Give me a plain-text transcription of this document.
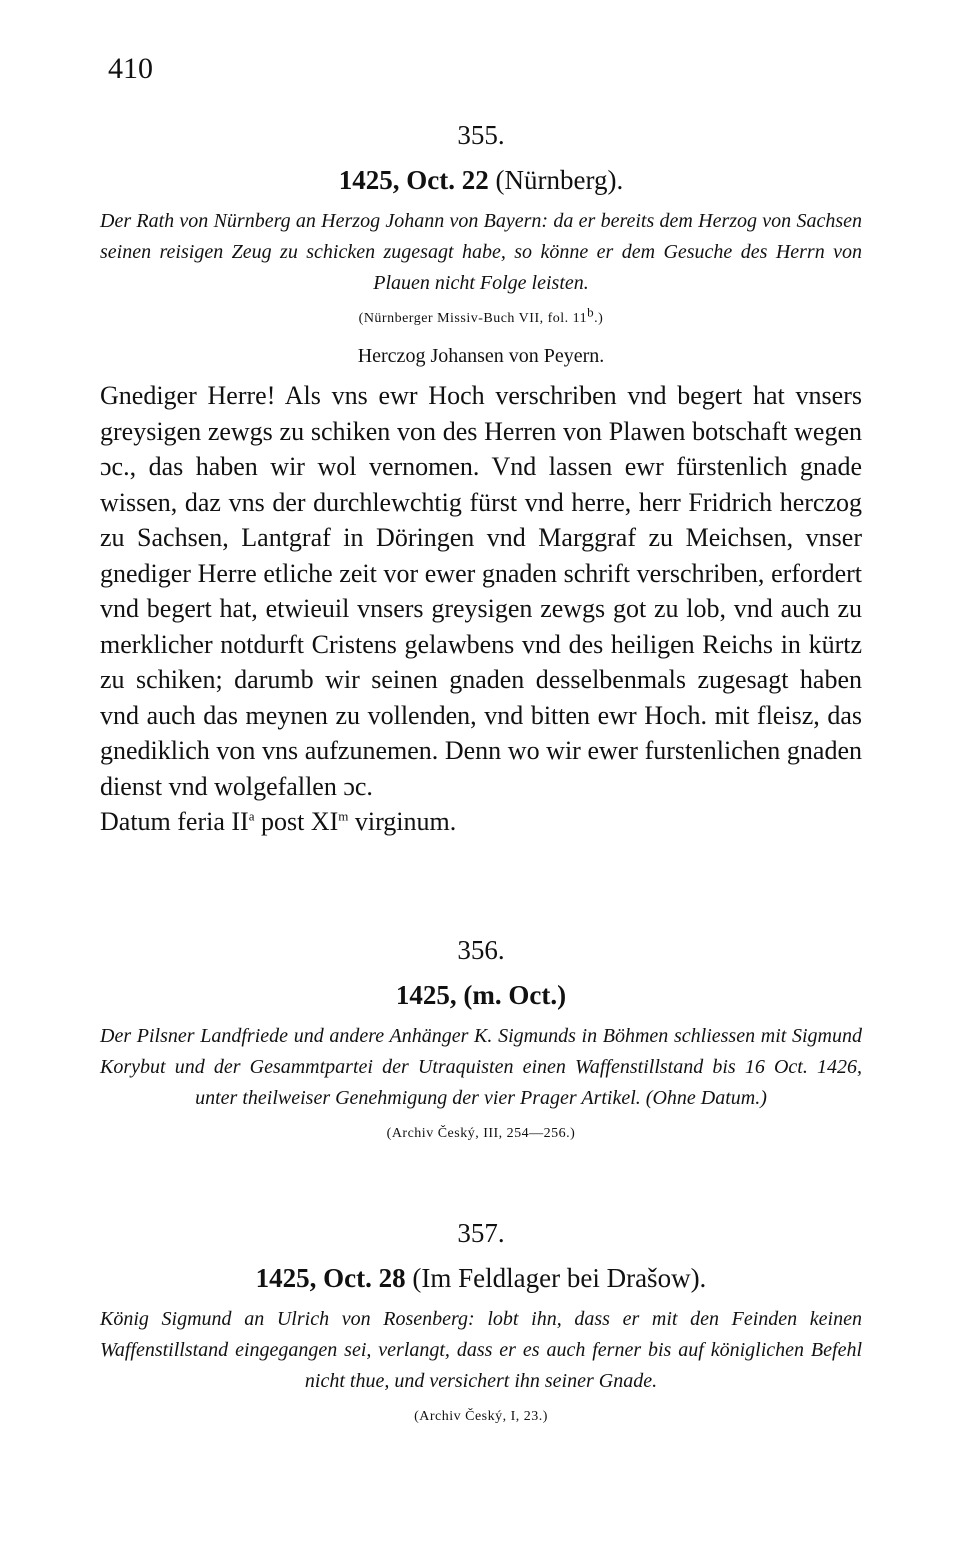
410
355.
1425, Oct. 22 (Nürnberg).
Der Rath von Nürnberg an Herzog Johann von Bayern: da er bereits dem Herzog von Sachsen seinen reisigen Zeug zu schicken zugesagt habe, so könne er dem Gesuche des Herrn von Plauen nicht Folge leisten.
(Nürnberger Missiv-Buch VII, fol. 11$^b$.)
Herczog Johansen von Peyern.
Gnediger Herre! Als vns ewr Hoch verschriben vnd begert hat vnsers greysigen zewgs zu schiken von des Herren von Plawen botschaft wegen ɔc., das haben wir wol vernomen. Vnd lassen ewr fürstenlich gnade wissen, daz vns der durchlewchtig fürst vnd herre, herr Fridrich herczog zu Sachsen, Lantgraf in Döringen vnd Marggraf zu Meichsen, vnser gnediger Herre etliche zeit vor ewer gnaden schrift verschriben, erfordert vnd begert hat, etwieuil vnsers greysigen zewgs got zu lob, vnd auch zu merklicher notdurft Cristens gelawbens vnd des heiligen Reichs in kürtz zu schiken; darumb wir seinen gnaden desselbenmals zugesagt haben vnd auch das meynen zu vollenden, vnd bitten ewr Hoch. mit fleisz, das gnediklich von vns aufzunemen. Denn wo wir ewer furstenlichen gnaden dienst vnd wolgefallen ɔc.
Datum feria $II^a$ post $XI^m$ virginum.
356.
1425, (m. Oct.)
Der Pilsner Landfriede und andere Anhänger K. Sigmunds in Böhmen schliessen mit Sigmund Korybut und der Gesammtpartei der Utraquisten einen Waffenstillstand bis 16 Oct. 1426, unter theilweiser Genehmigung der vier Prager Artikel. (Ohne Datum.)
(Archiv Český, III, 254—256.)
357.
1425, Oct. 28 (Im Feldlager bei Drašow).
König Sigmund an Ulrich von Rosenberg: lobt ihn, dass er mit den Feinden keinen Waffenstillstand eingegangen sei, verlangt, dass er es auch ferner bis auf königlichen Befehl nicht thue, und versichert ihn seiner Gnade.
(Archiv Český, I, 23.)
